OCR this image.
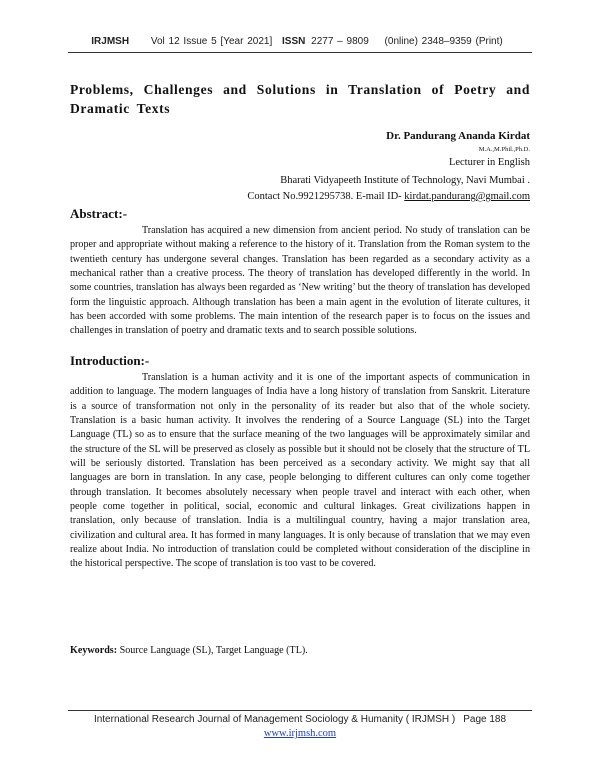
IRJMSH Vol 12 Issue 5 [Year 2021] ISSN 2277 – 9809 (0nline) 2348–9359 (Print)
Problems, Challenges and Solutions in Translation of Poetry and Dramatic Texts
Dr. Pandurang Ananda Kirdat
M.A.,M.Phil.,Ph.D.
Lecturer in English
Bharati Vidyapeeth Institute of Technology, Navi Mumbai .
Contact No.9921295738. E-mail ID- kirdat.pandurang@gmail.com
Abstract:-

Translation has acquired a new dimension from ancient period. No study of translation can be proper and appropriate without making a reference to the history of it. Translation from the Roman system to the twentieth century has undergone several changes. Translation has been regarded as a secondary activity as a mechanical rather than a creative process. The theory of translation has developed differently in the world. In some countries, translation has always been regarded as ‘New writing’ but the theory of translation has developed form the linguistic approach. Although translation has been a main agent in the evolution of literate cultures, it has been accorded with some problems. The main intention of the research paper is to focus on the issues and challenges in translation of poetry and dramatic texts and to search possible solutions.

Introduction:-

Translation is a human activity and it is one of the important aspects of communication in addition to language. The modern languages of India have a long history of translation from Sanskrit. Literature is a source of transformation not only in the personality of its reader but also that of the whole society. Translation is a basic human activity. It involves the rendering of a Source Language (SL) into the Target Language (TL) so as to ensure that the surface meaning of the two languages will be approximately similar and the structure of the SL will be preserved as closely as possible but it should not be closely that the structure of TL will be seriously distorted. Translation has been perceived as a secondary activity. We might say that all languages are born in translation. In any case, people belonging to different cultures can only come together through translation. It becomes absolutely necessary when people travel and interact with each other, when people come together in political, social, economic and cultural linkages. Great civilizations happen in translation, only because of translation. India is a multilingual country, having a major translation area, civilization and cultural area. It has formed in many languages. It is only because of translation that we may even realize about India. No introduction of translation could be completed without consideration of the discipline in the historical perspective. The scope of translation is too vast to be covered.

Keywords: Source Language (SL), Target Language (TL).
International Research Journal of Management Sociology & Humanity ( IRJMSH ) Page 188
www.irjmsh.com
